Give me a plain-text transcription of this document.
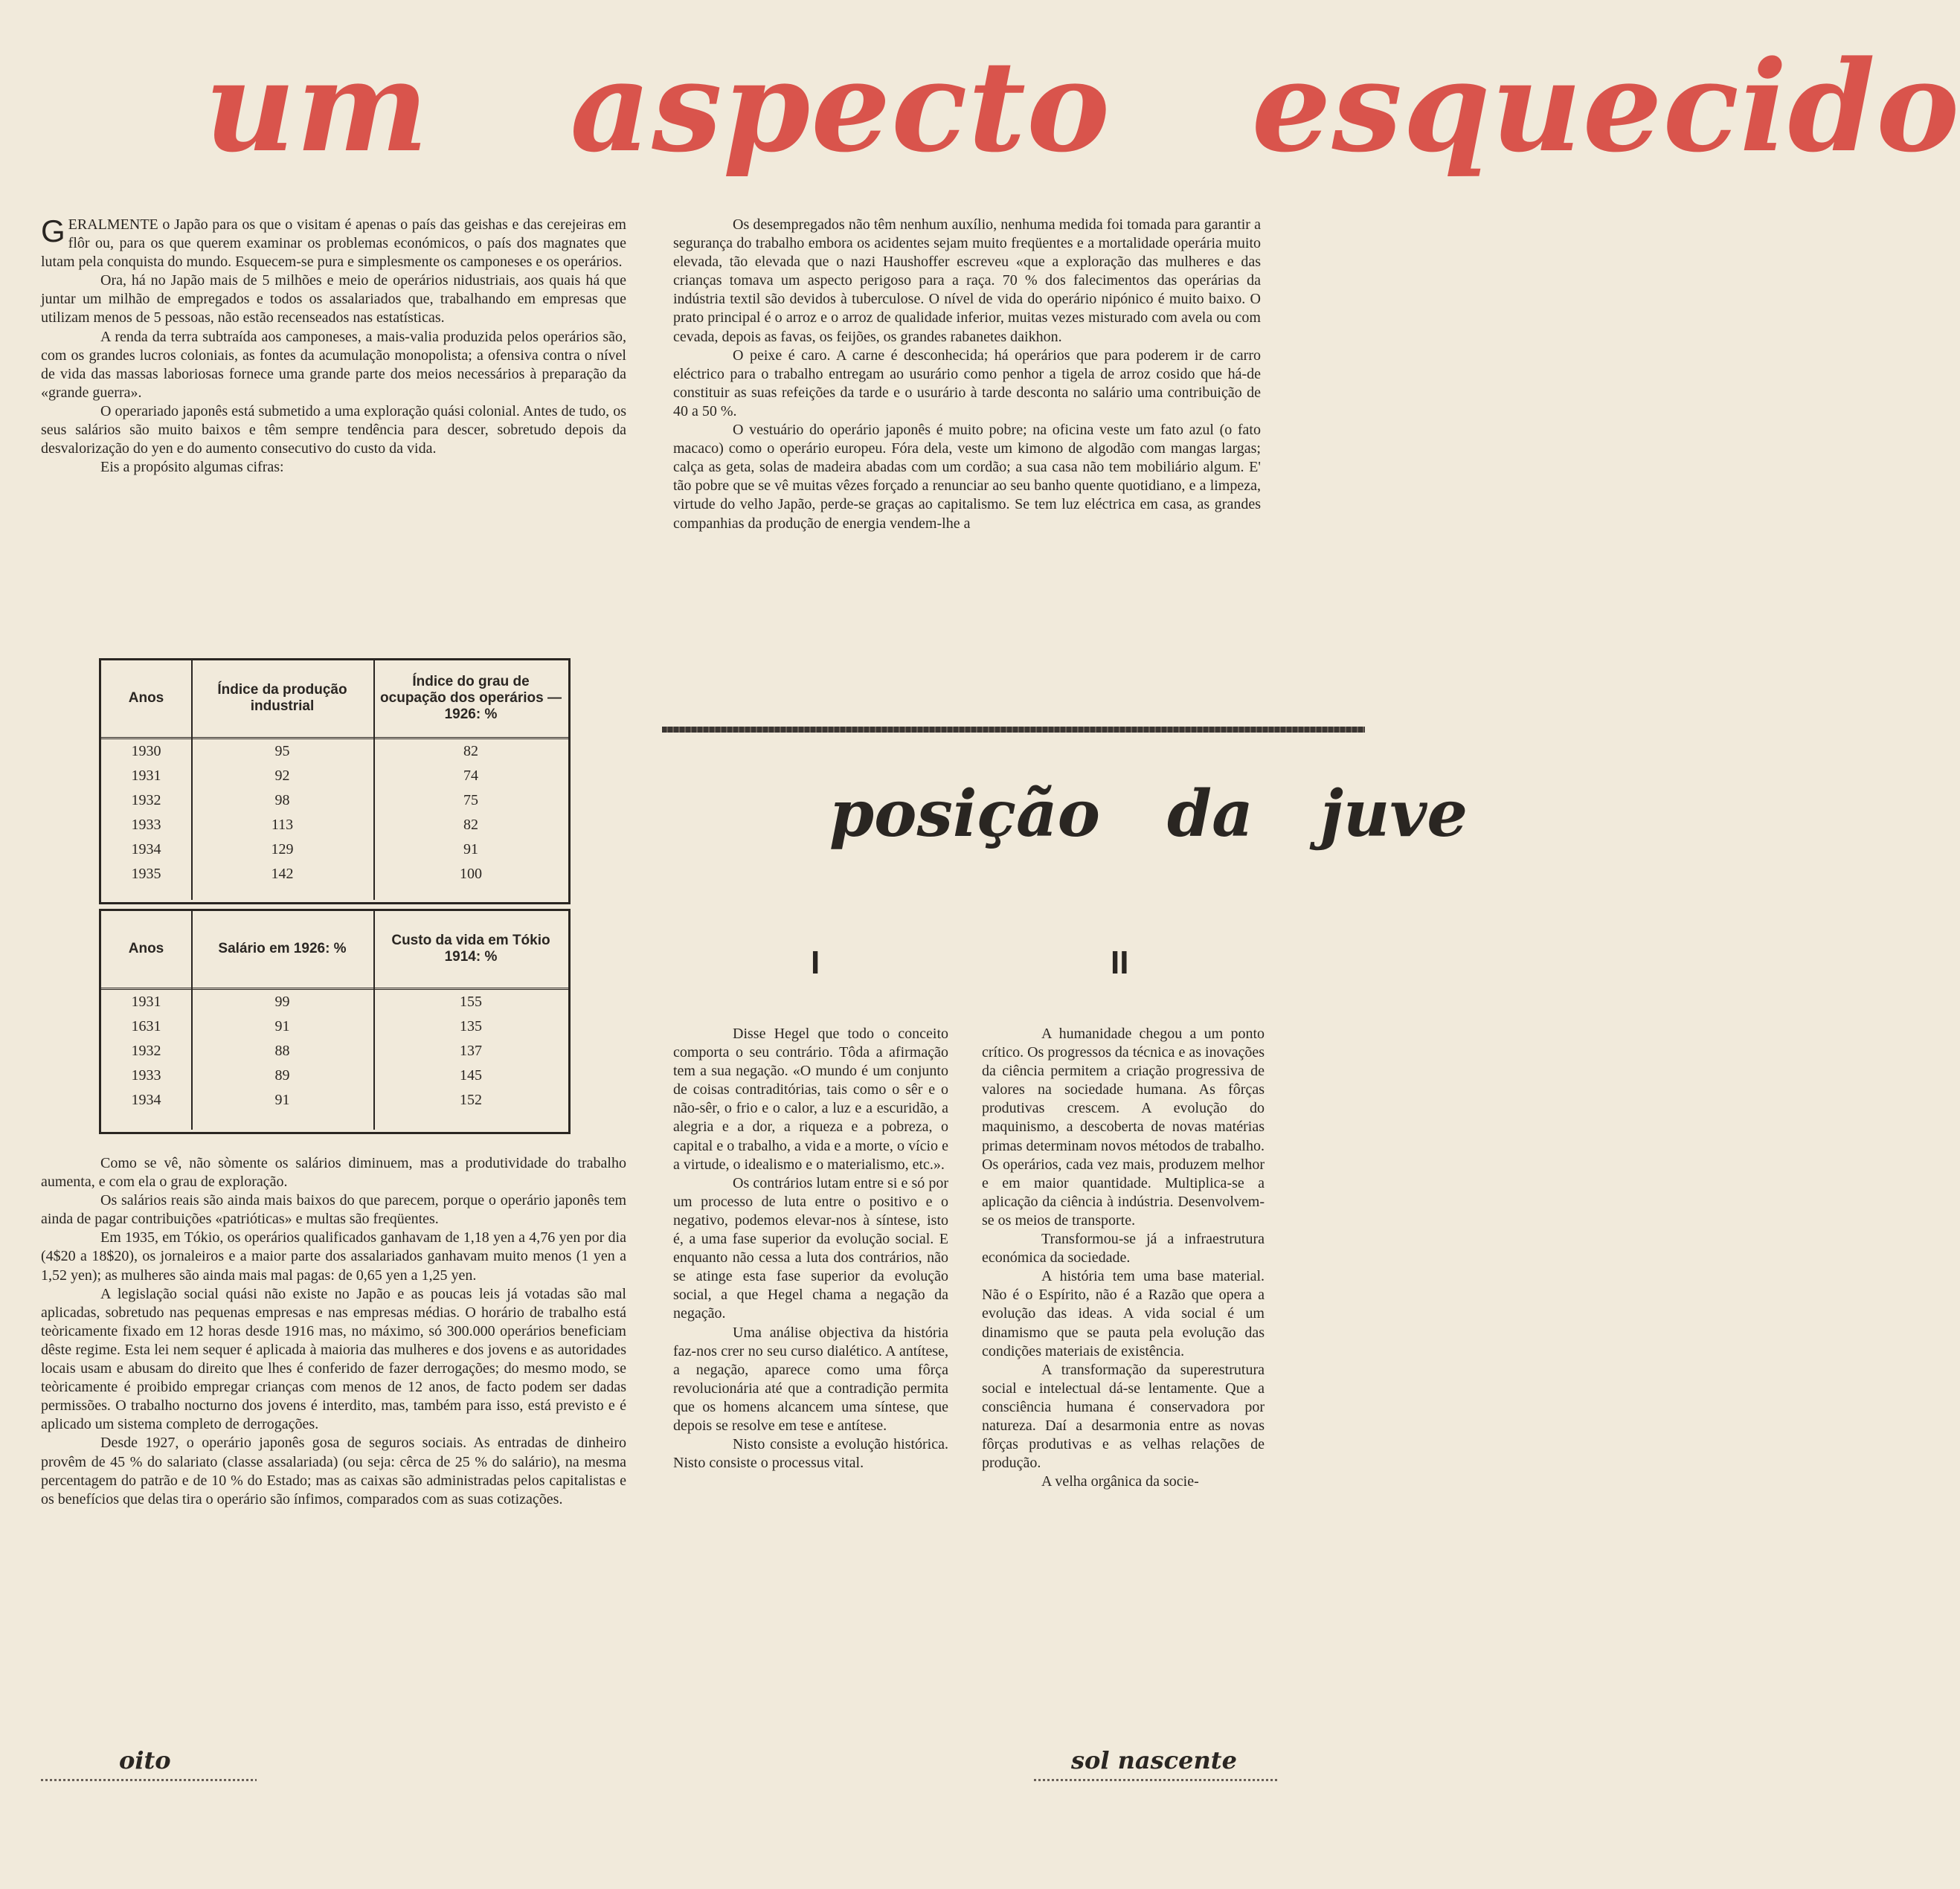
um aspecto esquecido

GERALMENTE o Japão para os que o visitam é apenas o país das geishas e das cerejeiras em flôr ou, para os que querem examinar os problemas económicos, o país dos magnates que lutam pela conquista do mundo. Esquecem-se pura e simplesmente os camponeses e os operários.

Ora, há no Japão mais de 5 milhões e meio de operários nidustriais, aos quais há que juntar um milhão de empregados e todos os assalariados que, trabalhando em empresas que utilizam menos de 5 pessoas, não estão recenseados nas estatísticas.

A renda da terra subtraída aos camponeses, a mais-valia produzida pelos operários são, com os grandes lucros coloniais, as fontes da acumulação monopolista; a ofensiva contra o nível de vida das massas laboriosas fornece uma grande parte dos meios necessários à preparação da «grande guerra».

O operariado japonês está submetido a uma exploração quási colonial. Antes de tudo, os seus salários são muito baixos e têm sempre tendência para descer, sobretudo depois da desvalorização do yen e do aumento consecutivo do custo da vida.

Eis a propósito algumas cifras:

Anos	Índice da produção industrial	Índice do grau de ocupação dos operários — 1926: %
1930	95	82
1931	92	74
1932	98	75
1933	113	82
1934	129	91
1935	142	100
Anos	Salário em 1926: %	Custo da vida em Tókio 1914: %
1931	99	155
1631	91	135
1932	88	137
1933	89	145
1934	91	152

Como se vê, não sòmente os salários diminuem, mas a produtividade do trabalho aumenta, e com ela o grau de exploração.

Os salários reais são ainda mais baixos do que parecem, porque o operário japonês tem ainda de pagar contribuições «patrióticas» e multas são freqüentes.

Em 1935, em Tókio, os operários qualificados ganhavam de 1,18 yen a 4,76 yen por dia (4$20 a 18$20), os jornaleiros e a maior parte dos assalariados ganhavam muito menos (1 yen a 1,52 yen); as mulheres são ainda mais mal pagas: de 0,65 yen a 1,25 yen.

A legislação social quási não existe no Japão e as poucas leis já votadas são mal aplicadas, sobretudo nas pequenas empresas e nas empresas médias. O horário de trabalho está teòricamente fixado em 12 horas desde 1916 mas, no máximo, só 300.000 operários beneficiam dêste regime. Esta lei nem sequer é aplicada à maioria das mulheres e dos jovens e as autoridades locais usam e abusam do direito que lhes é conferido de fazer derrogações; do mesmo modo, se teòricamente é proibido empregar crianças com menos de 12 anos, de facto podem ser dadas permissões. O trabalho nocturno dos jovens é interdito, mas, também para isso, está previsto e é aplicado um sistema completo de derrogações.

Desde 1927, o operário japonês gosa de seguros sociais. As entradas de dinheiro provêm de 45 % do salariato (classe assalariada) (ou seja: cêrca de 25 % do salário), na mesma percentagem do patrão e de 10 % do Estado; mas as caixas são administradas pelos capitalistas e os benefícios que delas tira o operário são ínfimos, comparados com as suas cotizações.

Os desempregados não têm nenhum auxílio, nenhuma medida foi tomada para garantir a segurança do trabalho embora os acidentes sejam muito freqüentes e a mortalidade operária muito elevada, tão elevada que o nazi Haushoffer escreveu «que a exploração das mulheres e das crianças tomava um aspecto perigoso para a raça. 70 % dos falecimentos das operárias da indústria textil são devidos à tuberculose. O nível de vida do operário nipónico é muito baixo. O prato principal é o arroz e o arroz de qualidade inferior, muitas vezes misturado com avela ou com cevada, depois as favas, os feijões, os grandes rabanetes daikhon.

O peixe é caro. A carne é desconhecida; há operários que para poderem ir de carro eléctrico para o trabalho entregam ao usurário como penhor a tigela de arroz cosido que há-de constituir as suas refeições da tarde e o usurário à tarde desconta no salário uma contribuição de 40 a 50 %.

O vestuário do operário japonês é muito pobre; na oficina veste um fato azul (o fato macaco) como o operário europeu. Fóra dela, veste um kimono de algodão com mangas largas; calça as geta, solas de madeira abadas com um cordão; a sua casa não tem mobiliário algum. E' tão pobre que se vê muitas vêzes forçado a renunciar ao seu banho quente quotidiano, e a limpeza, virtude do velho Japão, perde-se graças ao capitalismo. Se tem luz eléctrica em casa, as grandes companhias da produção de energia vendem-lhe a

posição da juve
I	II

Disse Hegel que todo o conceito comporta o seu contrário. Tôda a afirmação tem a sua negação. «O mundo é um conjunto de coisas contraditórias, tais como o sêr e o não-sêr, o frio e o calor, a luz e a escuridão, a alegria e a dor, a riqueza e a pobreza, o capital e o trabalho, a vida e a morte, o vício e a virtude, o idealismo e o materialismo, etc.».

Os contrários lutam entre si e só por um processo de luta entre o positivo e o negativo, podemos elevar-nos à síntese, isto é, a uma fase superior da evolução social. E enquanto não cessa a luta dos contrários, não se atinge esta fase superior da evolução social, a que Hegel chama a negação da negação.

Uma análise objectiva da história faz-nos crer no seu curso dialético. A antítese, a negação, aparece como uma fôrça revolucionária até que a contradição permita que os homens alcancem uma síntese, que depois se resolve em tese e antítese.

Nisto consiste a evolução histórica. Nisto consiste o processus vital.

A humanidade chegou a um ponto crítico. Os progressos da técnica e as inovações da ciência permitem a criação progressiva de valores na sociedade humana. As fôrças produtivas crescem. A evolução do maquinismo, a descoberta de novas matérias primas determinam novos métodos de trabalho. Os operários, cada vez mais, produzem melhor e em maior quantidade. Multiplica-se a aplicação da ciência à indústria. Desenvolvem-se os meios de transporte.

Transformou-se já a infraestrutura económica da sociedade.

A história tem uma base material. Não é o Espírito, não é a Razão que opera a evolução das ideas. A vida social é um dinamismo que se pauta pela evolução das condições materiais de existência.

A transformação da superestrutura social e intelectual dá-se lentamente. Que a consciência humana é conservadora por natureza. Daí a desarmonia entre as novas fôrças produtivas e as velhas relações de produção.

A velha orgânica da socie-

oito	sol nascente
